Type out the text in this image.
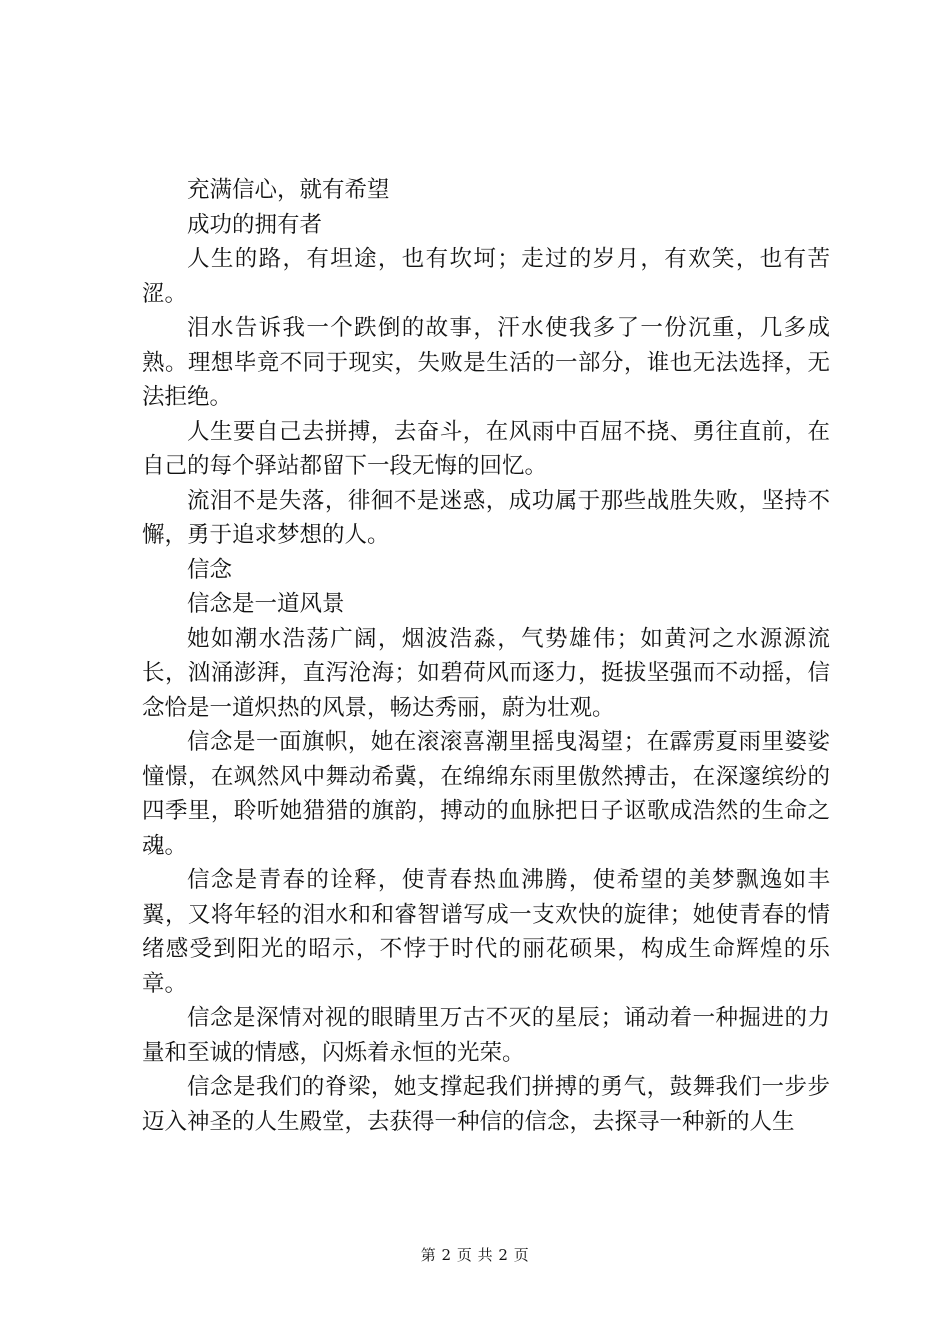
充满信心，就有希望

成功的拥有者

人生的路，有坦途，也有坎坷；走过的岁月，有欢笑，也有苦涩。

泪水告诉我一个跌倒的故事，汗水使我多了一份沉重，几多成熟。理想毕竟不同于现实，失败是生活的一部分，谁也无法选择，无法拒绝。

人生要自己去拼搏，去奋斗，在风雨中百屈不挠、勇往直前，在自己的每个驿站都留下一段无悔的回忆。

流泪不是失落，徘徊不是迷惑，成功属于那些战胜失败，坚持不懈，勇于追求梦想的人。

信念

信念是一道风景

她如潮水浩荡广阔，烟波浩淼，气势雄伟；如黄河之水源源流长，汹涌澎湃，直泻沧海；如碧荷风而逐力，挺拔坚强而不动摇，信念恰是一道炽热的风景，畅达秀丽，蔚为壮观。

信念是一面旗帜，她在滚滚喜潮里摇曳渴望；在霹雳夏雨里婆娑憧憬，在飒然风中舞动希冀，在绵绵东雨里傲然搏击，在深邃缤纷的四季里，聆听她猎猎的旗韵，搏动的血脉把日子讴歌成浩然的生命之魂。

信念是青春的诠释，使青春热血沸腾，使希望的美梦飘逸如丰翼，又将年轻的泪水和和睿智谱写成一支欢快的旋律；她使青春的情绪感受到阳光的昭示，不悖于时代的丽花硕果，构成生命辉煌的乐章。

信念是深情对视的眼睛里万古不灭的星辰；诵动着一种掘进的力量和至诚的情感，闪烁着永恒的光荣。

信念是我们的脊梁，她支撑起我们拼搏的勇气，鼓舞我们一步步迈入神圣的人生殿堂，去获得一种信的信念，去探寻一种新的人生

第 2 页 共 2 页
